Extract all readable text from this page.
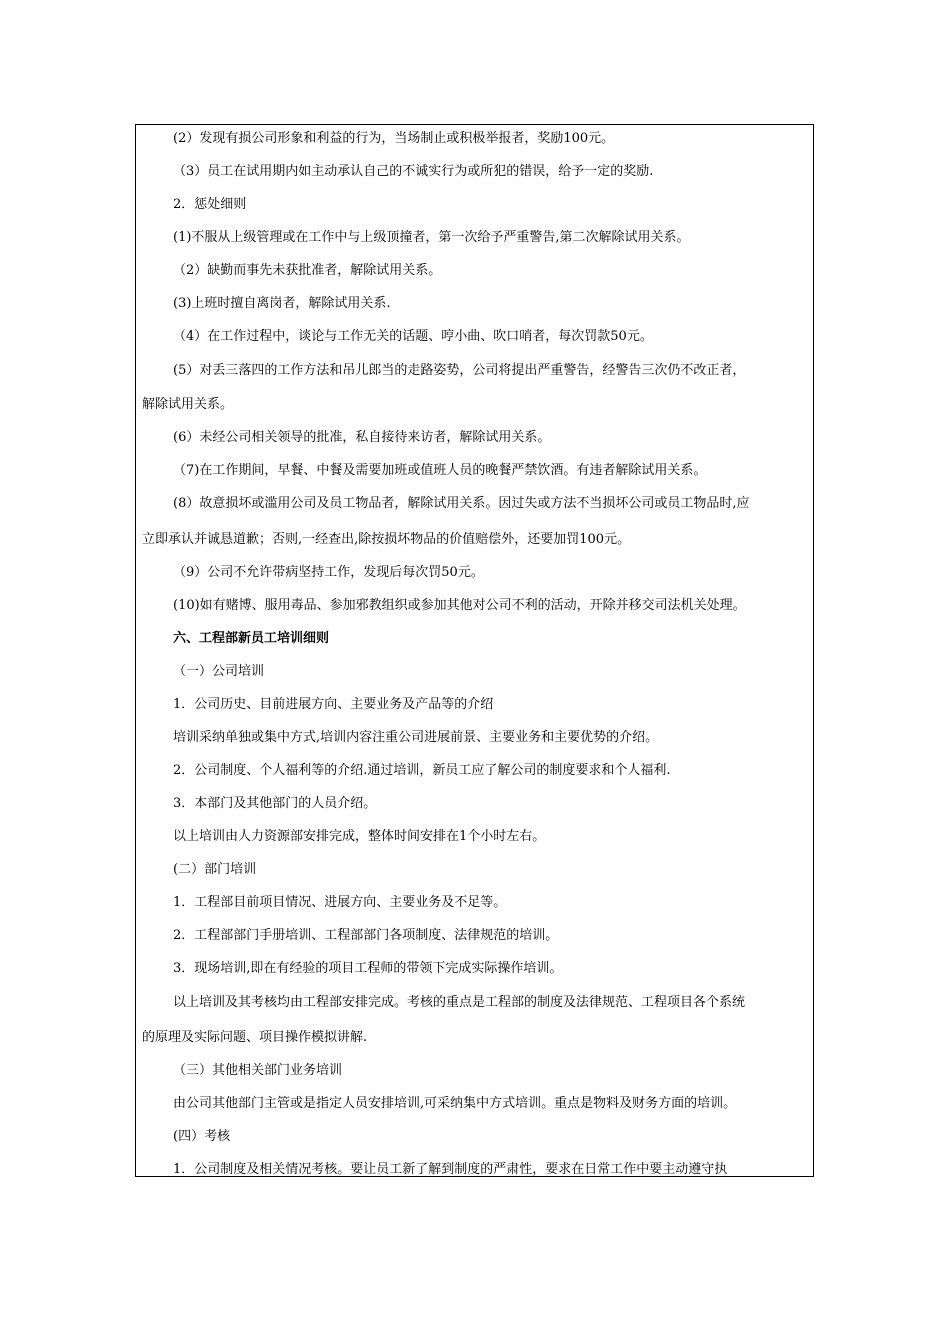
(2）发现有损公司形象和利益的行为，当场制止或积极举报者，奖励100元。
（3）员工在试用期内如主动承认自己的不诚实行为或所犯的错误，给予一定的奖励.
2．惩处细则
(1)不服从上级管理或在工作中与上级顶撞者，第一次给予严重警告,第二次解除试用关系。
（2）缺勤而事先未获批准者，解除试用关系。
(3)上班时擅自离岗者，解除试用关系.
（4）在工作过程中，谈论与工作无关的话题、哼小曲、吹口哨者，每次罚款50元。
(5）对丢三落四的工作方法和吊儿郎当的走路姿势，公司将提出严重警告，经警告三次仍不改正者，
解除试用关系。
(6）未经公司相关领导的批准，私自接待来访者，解除试用关系。
（7)在工作期间，早餐、中餐及需要加班或值班人员的晚餐严禁饮酒。有违者解除试用关系。
(8）故意损坏或滥用公司及员工物品者，解除试用关系。因过失或方法不当损坏公司或员工物品时,应
立即承认并诚恳道歉；否则,一经查出,除按损坏物品的价值赔偿外，还要加罚100元。
（9）公司不允许带病坚持工作，发现后每次罚50元。
(10)如有赌博、服用毒品、参加邪教组织或参加其他对公司不利的活动，开除并移交司法机关处理。
六、工程部新员工培训细则
（一）公司培训
1．公司历史、目前进展方向、主要业务及产品等的介绍
培训采纳单独或集中方式,培训内容注重公司进展前景、主要业务和主要优势的介绍。
2．公司制度、个人福利等的介绍.通过培训，新员工应了解公司的制度要求和个人福利.
3．本部门及其他部门的人员介绍。
以上培训由人力资源部安排完成，整体时间安排在1个小时左右。
(二）部门培训
1．工程部目前项目情况、进展方向、主要业务及不足等。
2．工程部部门手册培训、工程部部门各项制度、法律规范的培训。
3．现场培训,即在有经验的项目工程师的带领下完成实际操作培训。
以上培训及其考核均由工程部安排完成。考核的重点是工程部的制度及法律规范、工程项目各个系统
的原理及实际问题、项目操作模拟讲解.
（三）其他相关部门业务培训
由公司其他部门主管或是指定人员安排培训,可采纳集中方式培训。重点是物料及财务方面的培训。
(四）考核
1．公司制度及相关情况考核。要让员工新了解到制度的严肃性，要求在日常工作中要主动遵守执
